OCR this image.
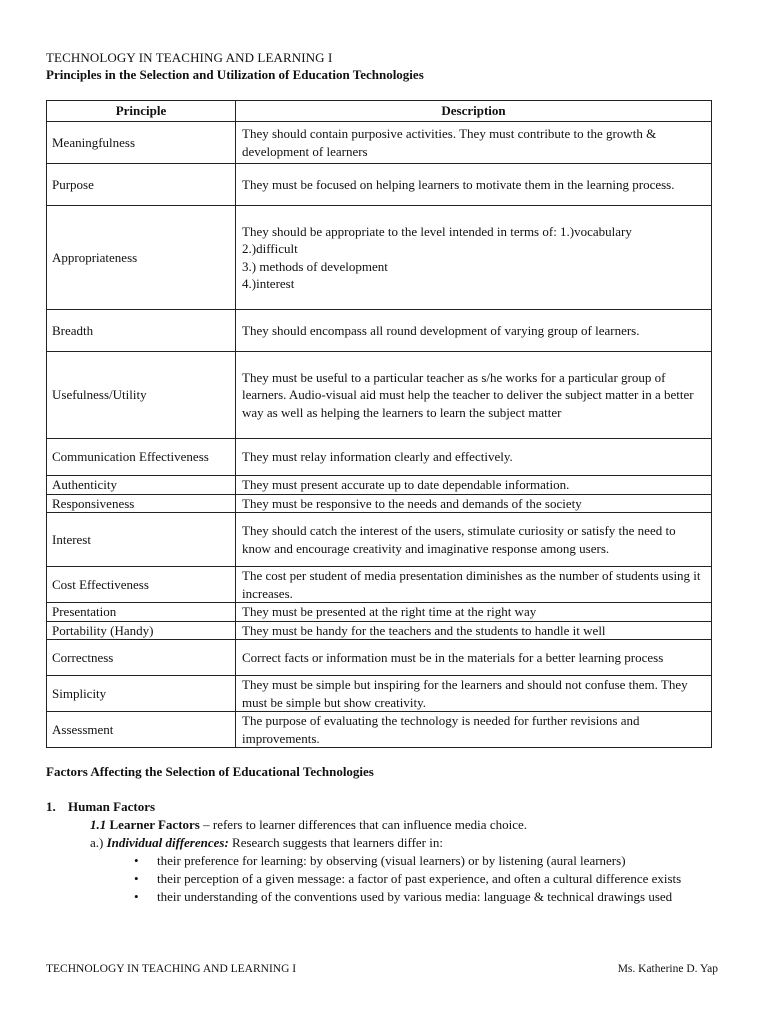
TECHNOLOGY IN TEACHING AND LEARNING I
Principles in the Selection and Utilization of Education Technologies
Principle	Description
Meaningfulness	They should contain purposive activities. They must contribute to the growth & development of learners
Purpose	They must be focused on helping learners to motivate them in the learning process.
Appropriateness	They should be appropriate to the level intended in terms of: 1.)vocabulary
2.)difficult
3.) methods of development
4.)interest
Breadth	They should encompass all round development of varying group of learners.
Usefulness/Utility	They must be useful to a particular teacher as s/he works for a particular group of learners. Audio-visual aid must help the teacher to deliver the subject matter in a better way as well as helping the learners to learn the subject matter
Communication Effectiveness	They must relay information clearly and effectively.
Authenticity	They must present accurate up to date dependable information.
Responsiveness	They must be responsive to the needs and demands of the society
Interest	They should catch the interest of the users, stimulate curiosity or satisfy the need to know and encourage creativity and imaginative response among users.
Cost Effectiveness	The cost per student of media presentation diminishes as the number of students using it increases.
Presentation	They must be presented at the right time at the right way
Portability (Handy)	They must be handy for the teachers and the students to handle it well
Correctness	Correct facts or information must be in the materials for a better learning process
Simplicity	They must be simple but inspiring for the learners and should not confuse them. They must be simple but show creativity.
Assessment	The purpose of evaluating the technology is needed for further revisions and improvements.
Factors Affecting the Selection of Educational Technologies
1. Human Factors
1.1 Learner Factors – refers to learner differences that can influence media choice.
a.) Individual differences: Research suggests that learners differ in:
• their preference for learning: by observing (visual learners) or by listening (aural learners)
• their perception of a given message: a factor of past experience, and often a cultural difference exists
• their understanding of the conventions used by various media: language & technical drawings used
TECHNOLOGY IN TEACHING AND LEARNING I	Ms. Katherine D. Yap
